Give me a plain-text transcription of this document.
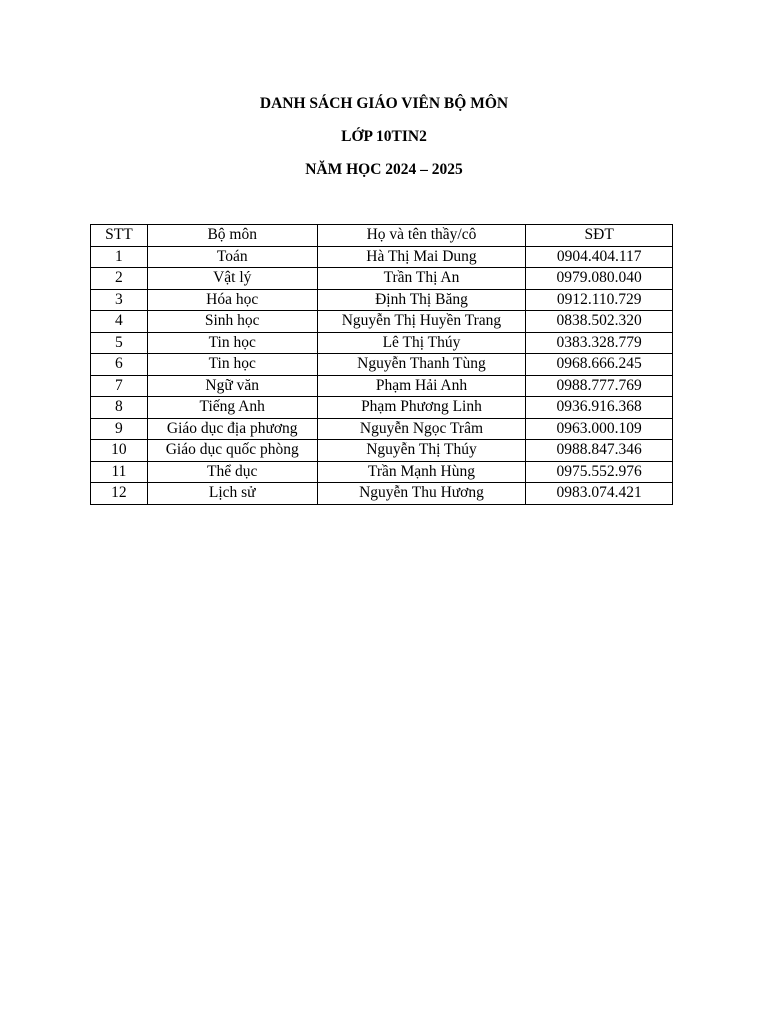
DANH SÁCH GIÁO VIÊN BỘ MÔN
LỚP 10TIN2
NĂM HỌC 2024 – 2025
STT	Bộ môn	Họ và tên thầy/cô	SĐT
1	Toán	Hà Thị Mai Dung	0904.404.117
2	Vật lý	Trần Thị An	0979.080.040
3	Hóa học	Định Thị Băng	0912.110.729
4	Sinh học	Nguyễn Thị Huyền Trang	0838.502.320
5	Tin học	Lê Thị Thúy	0383.328.779
6	Tin học	Nguyễn Thanh Tùng	0968.666.245
7	Ngữ văn	Phạm Hải Anh	0988.777.769
8	Tiếng Anh	Phạm Phương Linh	0936.916.368
9	Giáo dục địa phương	Nguyễn Ngọc Trâm	0963.000.109
10	Giáo dục quốc phòng	Nguyễn Thị Thúy	0988.847.346
11	Thể dục	Trần Mạnh Hùng	0975.552.976
12	Lịch sử	Nguyễn Thu Hương	0983.074.421
